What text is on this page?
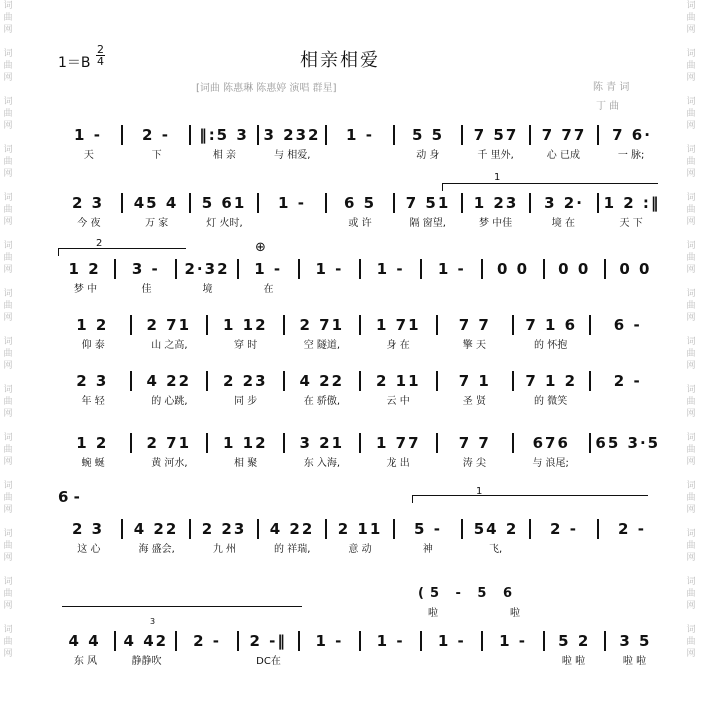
词
曲
网
词
曲
网
词
曲
网
词
曲
网
词
曲
网
词
曲
网
词
曲
网
词
曲
网
词
曲
网
词
曲
网
词
曲
网
词
曲
网
词
曲
网
词
曲
网
词
曲
网
词
曲
网
词
曲
网
词
曲
网
词
曲
网
词
曲
网
词
曲
网
词
曲
网
词
曲
网
词
曲
网
词
曲
网
词
曲
网
词
曲
网
词
曲
网
1＝B
2
4	相亲相爱
[词曲 陈惠琳 陈惠婷 演唱 群星]	陈 青 词
丁 曲
1 -	2 -	‖:5 3 3 232	1 -	5 5	7 57	7 77	7 6·
天	下	相 亲	与 相爱,	动 身	千 里外,	心 已成	一 脉;
1
2 3	45 4	5 61	1 -	6 5	7 51	1 23	3 2·	1 2 :‖
今 夜	万 家	灯 火时,	或 许	隔 窗望,	梦 中佳	境 在	天 下
2	⊕
1 2	3 -	2·32	1 -	1 -	1 -	1 -	0 0	0 0	0 0
梦 中	佳	境	在
1 2	2 71	1 12	2 71	1 71	7 7	7 1 6	6 -
仰 泰	山 之高,	穿 时	空 隧道,	身 在	擎 天	的 怀抱
2 3	4 22	2 23	4 22	2 11	7 1	7 1 2	2 -
年 轻	的 心跳,	同 步	在 骄傲,	云 中	圣 贤	的 微笑
1 2	2 71	1 12	3 21	1 77	7 7	676	65 3·5
蜿 蜒	黄 河水,	相 聚	东 入海,	龙 出	涛 尖	与 浪尾;
6 -	1
2 3	4 22	2 23	4 22	2 11	5 -	54 2	2 -	2 -
这 心	海 盛会,	九 州	的 祥瑞,	意 动	神	飞,
(5 - 5 6
啦	啦
3
4 4	4 42	2 -	2 -‖	1 -	1 -	1 -	1 -	5 2	3 5
东 风	静静吹	DC在	啦 啦	啦 啦
